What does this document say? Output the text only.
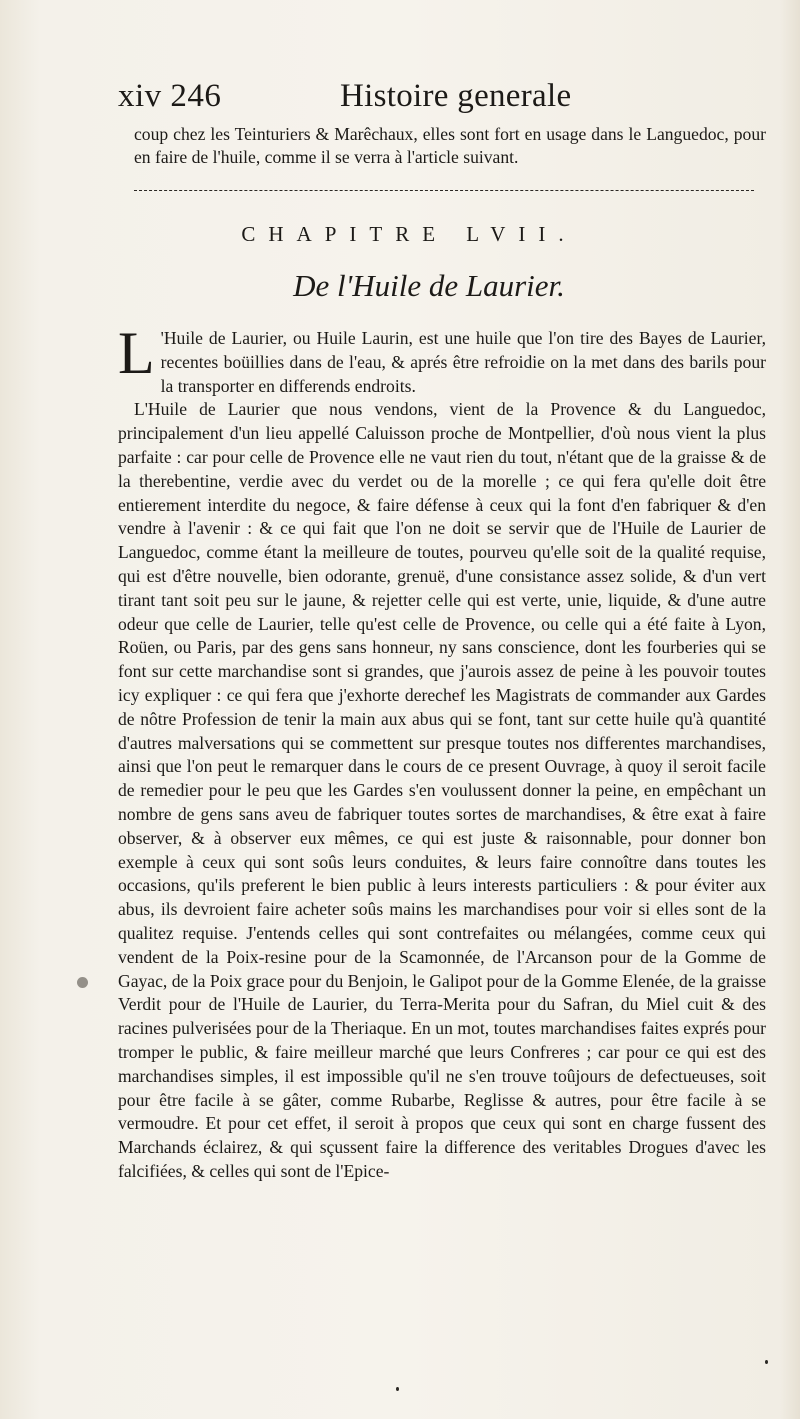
xiv 246	Histoire generale
coup chez les Teinturiers & Marêchaux, elles sont fort en usage dans le Languedoc, pour en faire de l'huile, comme il se verra à l'article suivant.
CHAPITRE LVII.
De l'Huile de Laurier.

L 'Huile de Laurier, ou Huile Laurin, est une huile que l'on tire des Bayes de Laurier, recentes boüillies dans de l'eau, & aprés être refroidie on la met dans des barils pour la transporter en differends endroits.

L'Huile de Laurier que nous vendons, vient de la Provence & du Languedoc, principalement d'un lieu appellé Caluisson proche de Montpellier, d'où nous vient la plus parfaite : car pour celle de Provence elle ne vaut rien du tout, n'étant que de la graisse & de la therebentine, verdie avec du verdet ou de la morelle ; ce qui fera qu'elle doit être entierement interdite du negoce, & faire défense à ceux qui la font d'en fabriquer & d'en vendre à l'avenir : & ce qui fait que l'on ne doit se servir que de l'Huile de Laurier de Languedoc, comme étant la meilleure de toutes, pourveu qu'elle soit de la qualité requise, qui est d'être nouvelle, bien odorante, grenuë, d'une consistance assez solide, & d'un vert tirant tant soit peu sur le jaune, & rejetter celle qui est verte, unie, liquide, & d'une autre odeur que celle de Laurier, telle qu'est celle de Provence, ou celle qui a été faite à Lyon, Roüen, ou Paris, par des gens sans honneur, ny sans conscience, dont les fourberies qui se font sur cette marchandise sont si grandes, que j'aurois assez de peine à les pouvoir toutes icy expliquer : ce qui fera que j'exhorte derechef les Magistrats de commander aux Gardes de nôtre Profession de tenir la main aux abus qui se font, tant sur cette huile qu'à quantité d'autres malversations qui se commettent sur presque toutes nos differentes marchandises, ainsi que l'on peut le remarquer dans le cours de ce present Ouvrage, à quoy il seroit facile de remedier pour le peu que les Gardes s'en voulussent donner la peine, en empêchant un nombre de gens sans aveu de fabriquer toutes sortes de marchandises, & être exat à faire observer, & à observer eux mêmes, ce qui est juste & raisonnable, pour donner bon exemple à ceux qui sont soûs leurs conduites, & leurs faire connoître dans toutes les occasions, qu'ils preferent le bien public à leurs interests particuliers : & pour éviter aux abus, ils devroient faire acheter soûs mains les marchandises pour voir si elles sont de la qualitez requise. J'entends celles qui sont contrefaites ou mélangées, comme ceux qui vendent de la Poix-resine pour de la Scamonnée, de l'Arcanson pour de la Gomme de Gayac, de la Poix grace pour du Benjoin, le Galipot pour de la Gomme Elenée, de la graisse Verdit pour de l'Huile de Laurier, du Terra-Merita pour du Safran, du Miel cuit & des racines pulverisées pour de la Theriaque. En un mot, toutes marchandises faites exprés pour tromper le public, & faire meilleur marché que leurs Confreres ; car pour ce qui est des marchandises simples, il est impossible qu'il ne s'en trouve toûjours de defectueuses, soit pour être facile à se gâter, comme Rubarbe, Reglisse & autres, pour être facile à se vermoudre. Et pour cet effet, il seroit à propos que ceux qui sont en charge fussent des Marchands éclairez, & qui sçussent faire la difference des veritables Drogues d'avec les falcifiées, & celles qui sont de l'Epice-
